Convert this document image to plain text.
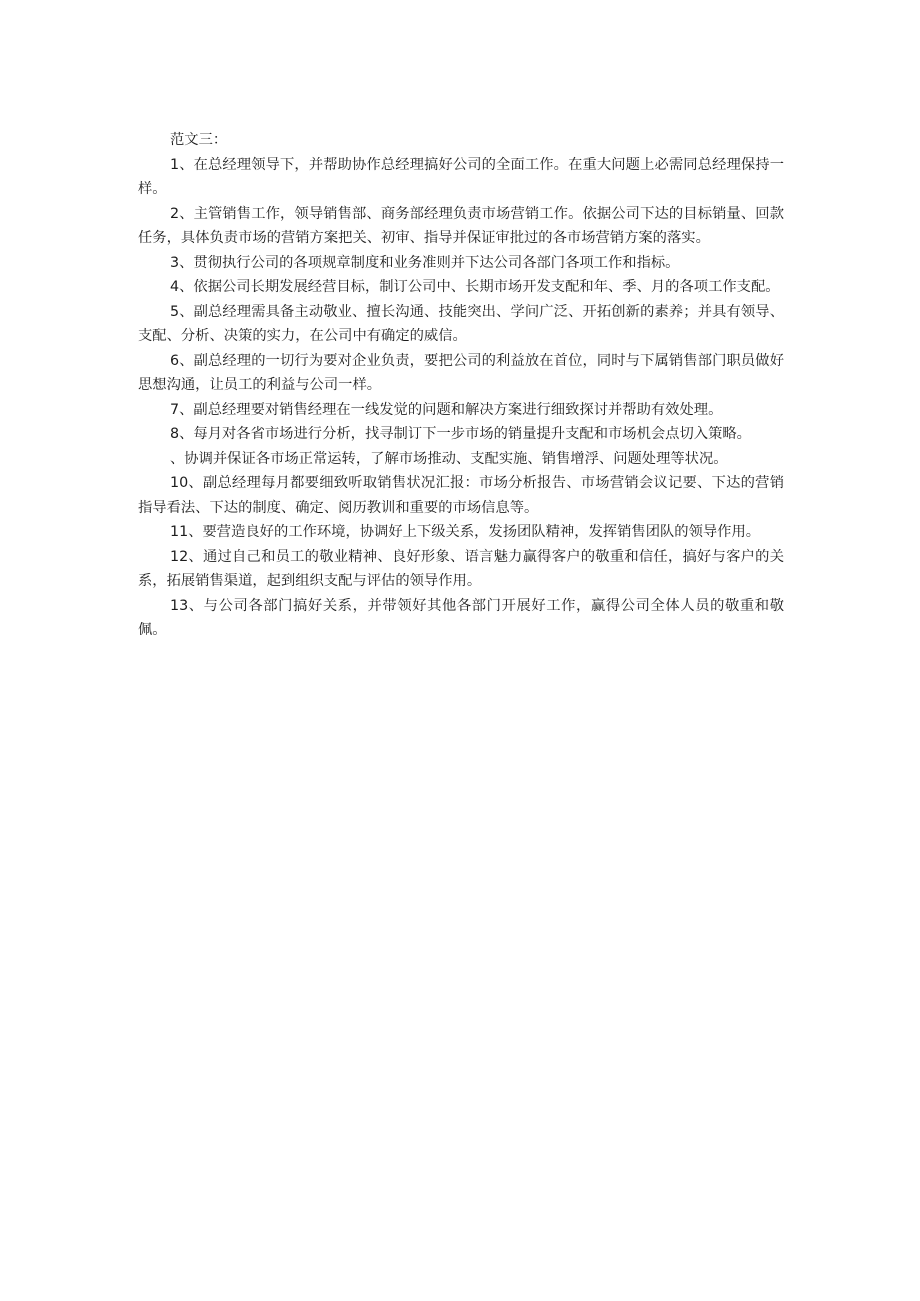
范文三：

1、在总经理领导下，并帮助协作总经理搞好公司的全面工作。在重大问题上必需同总经理保持一样。

2、主管销售工作，领导销售部、商务部经理负责市场营销工作。依据公司下达的目标销量、回款任务，具体负责市场的营销方案把关、初审、指导并保证审批过的各市场营销方案的落实。

3、贯彻执行公司的各项规章制度和业务准则并下达公司各部门各项工作和指标。

4、依据公司长期发展经营目标，制订公司中、长期市场开发支配和年、季、月的各项工作支配。

5、副总经理需具备主动敬业、擅长沟通、技能突出、学问广泛、开拓创新的素养；并具有领导、支配、分析、决策的实力，在公司中有确定的威信。

6、副总经理的一切行为要对企业负责，要把公司的利益放在首位，同时与下属销售部门职员做好思想沟通，让员工的利益与公司一样。

7、副总经理要对销售经理在一线发觉的问题和解决方案进行细致探讨并帮助有效处理。

8、每月对各省市场进行分析，找寻制订下一步市场的销量提升支配和市场机会点切入策略。

、协调并保证各市场正常运转，了解市场推动、支配实施、销售增浮、问题处理等状况。

10、副总经理每月都要细致听取销售状况汇报：市场分析报告、市场营销会议记要、下达的营销指导看法、下达的制度、确定、阅历教训和重要的市场信息等。

11、要营造良好的工作环境，协调好上下级关系，发扬团队精神，发挥销售团队的领导作用。

12、通过自己和员工的敬业精神、良好形象、语言魅力赢得客户的敬重和信任，搞好与客户的关系，拓展销售渠道，起到组织支配与评估的领导作用。

13、与公司各部门搞好关系，并带领好其他各部门开展好工作，赢得公司全体人员的敬重和敬佩。
